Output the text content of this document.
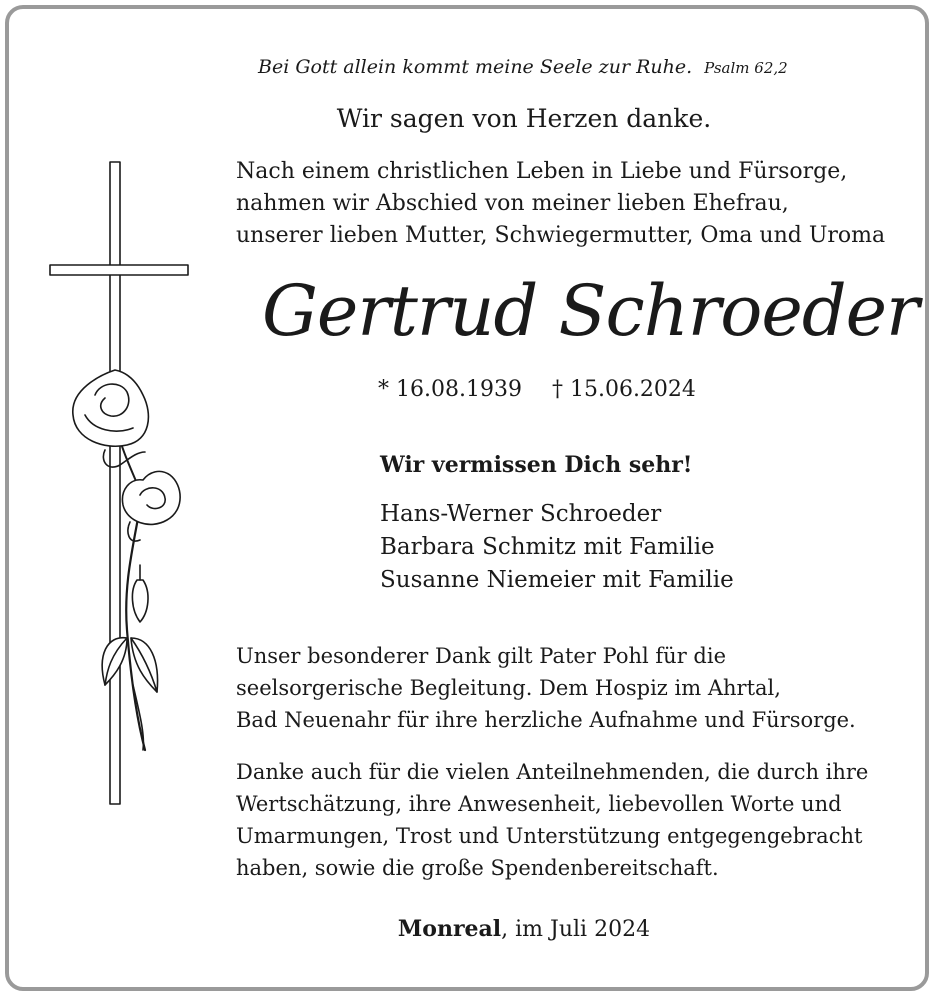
Bei Gott allein kommt meine Seele zur Ruhe. Psalm 62,2
Wir sagen von Herzen danke.
Nach einem christlichen Leben in Liebe und Fürsorge,
nahmen wir Abschied von meiner lieben Ehefrau,
unserer lieben Mutter, Schwiegermutter, Oma und Uroma
Gertrud Schroeder
* 16.08.1939 † 15.06.2024
Wir vermissen Dich sehr!
Hans-Werner Schroeder
Barbara Schmitz mit Familie
Susanne Niemeier mit Familie
Unser besonderer Dank gilt Pater Pohl für die
seelsorgerische Begleitung. Dem Hospiz im Ahrtal,
Bad Neuenahr für ihre herzliche Aufnahme und Fürsorge.
Danke auch für die vielen Anteilnehmenden, die durch ihre
Wertschätzung, ihre Anwesenheit, liebevollen Worte und
Umarmungen, Trost und Unterstützung entgegengebracht
haben, sowie die große Spendenbereitschaft.
Monreal, im Juli 2024
